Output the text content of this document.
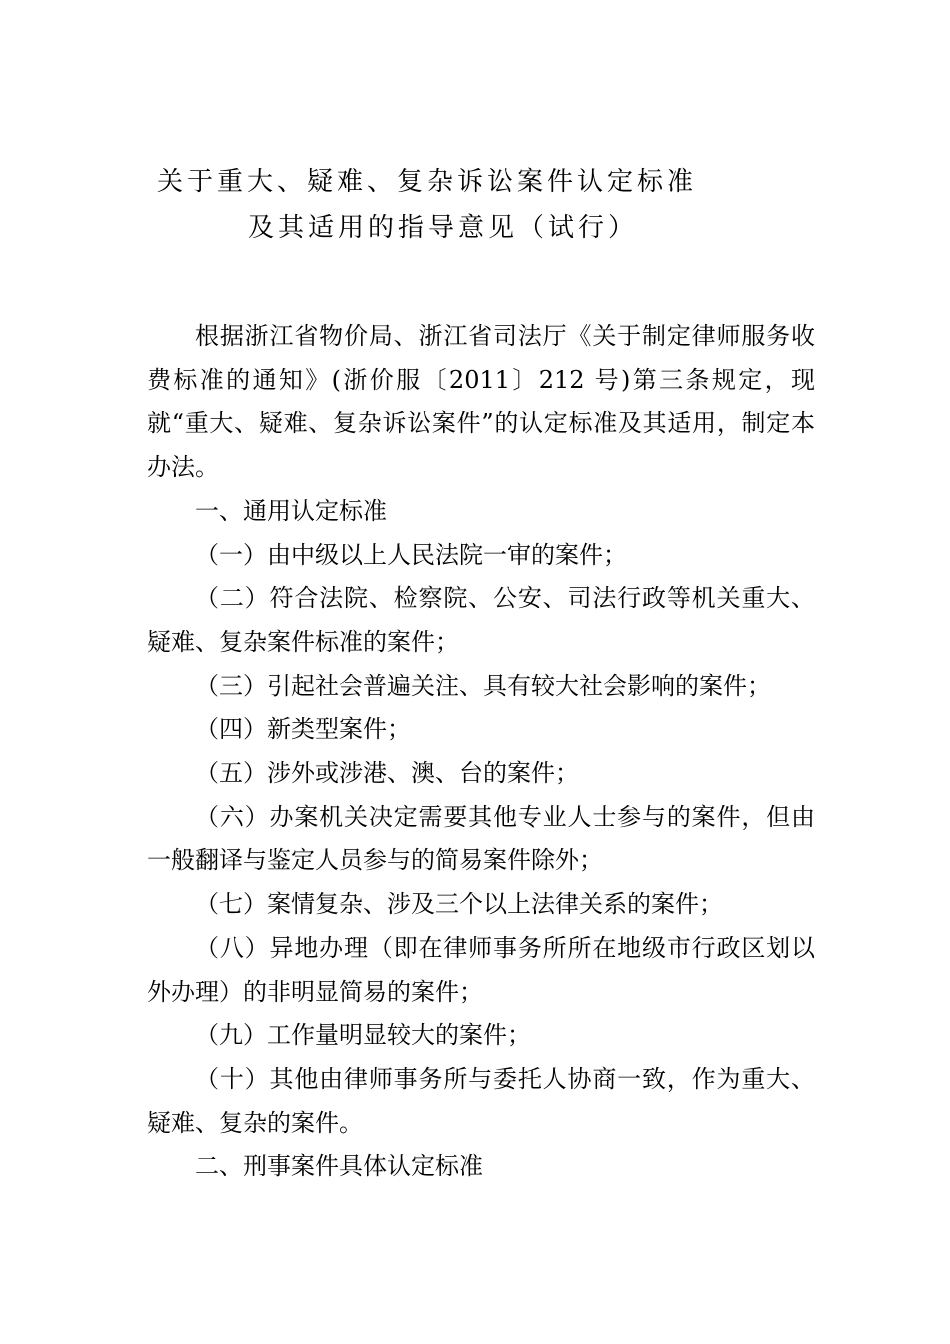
关于重大、疑难、复杂诉讼案件认定标准
及其适用的指导意见（试行）

根据浙江省物价局、浙江省司法厅《关于制定律师服务收费标准的通知》(浙价服〔2011〕212 号)第三条规定，现就“重大、疑难、复杂诉讼案件”的认定标准及其适用，制定本办法。

一、通用认定标准

（一）由中级以上人民法院一审的案件；

（二）符合法院、检察院、公安、司法行政等机关重大、疑难、复杂案件标准的案件；

（三）引起社会普遍关注、具有较大社会影响的案件；

（四）新类型案件；

（五）涉外或涉港、澳、台的案件；

（六）办案机关决定需要其他专业人士参与的案件，但由一般翻译与鉴定人员参与的简易案件除外；

（七）案情复杂、涉及三个以上法律关系的案件；

（八）异地办理（即在律师事务所所在地级市行政区划以外办理）的非明显简易的案件；

（九）工作量明显较大的案件；

（十）其他由律师事务所与委托人协商一致，作为重大、疑难、复杂的案件。

二、刑事案件具体认定标准
